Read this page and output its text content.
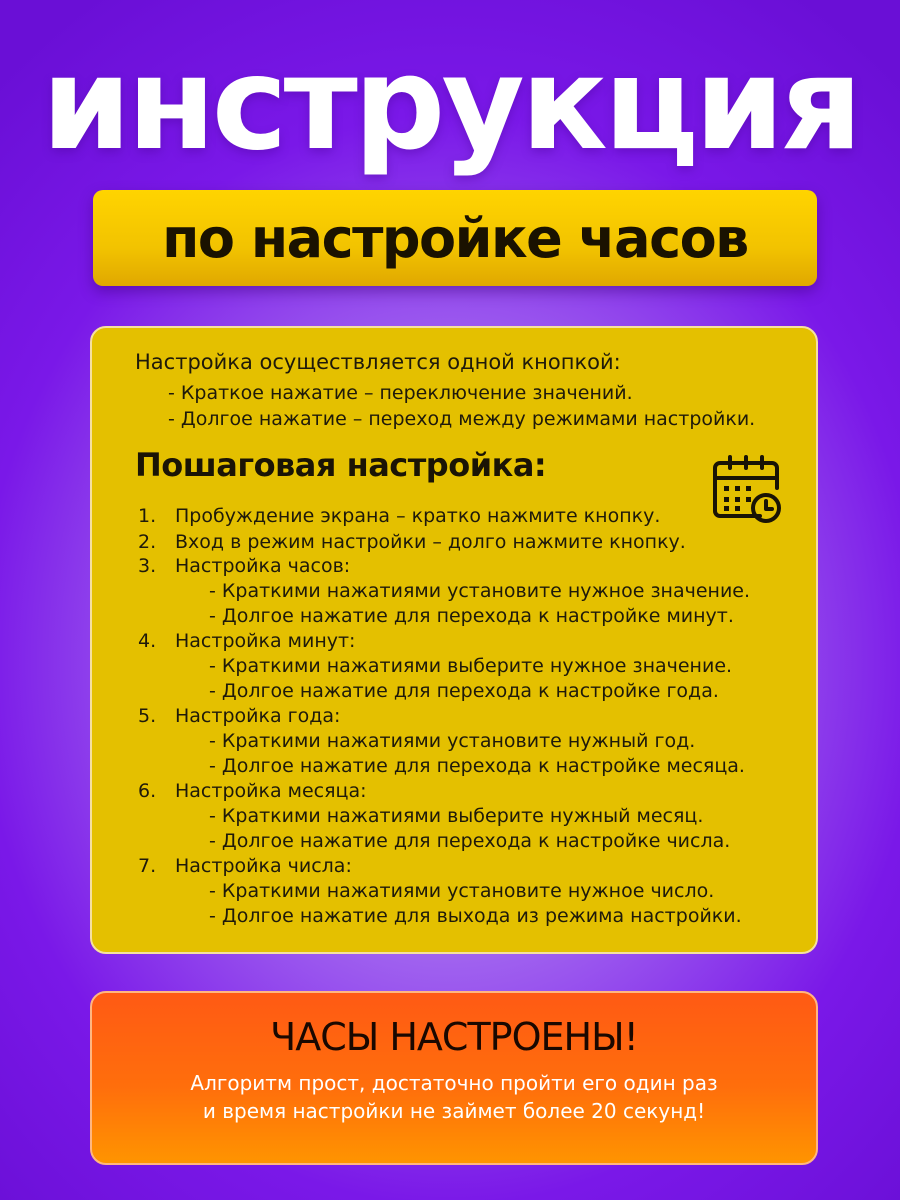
инструкция
по настройке часов
Настройка осуществляется одной кнопкой:
- Краткое нажатие – переключение значений.
- Долгое нажатие – переход между режимами настройки.
Пошаговая настройка:
1. Пробуждение экрана – кратко нажмите кнопку.
2. Вход в режим настройки – долго нажмите кнопку.
3. Настройка часов:
- Краткими нажатиями установите нужное значение.
- Долгое нажатие для перехода к настройке минут.
4. Настройка минут:
- Краткими нажатиями выберите нужное значение.
- Долгое нажатие для перехода к настройке года.
5. Настройка года:
- Краткими нажатиями установите нужный год.
- Долгое нажатие для перехода к настройке месяца.
6. Настройка месяца:
- Краткими нажатиями выберите нужный месяц.
- Долгое нажатие для перехода к настройке числа.
7. Настройка числа:
- Краткими нажатиями установите нужное число.
- Долгое нажатие для выхода из режима настройки.
ЧАСЫ НАСТРОЕНЫ!
Алгоритм прост, достаточно пройти его один раз
и время настройки не займет более 20 секунд!
